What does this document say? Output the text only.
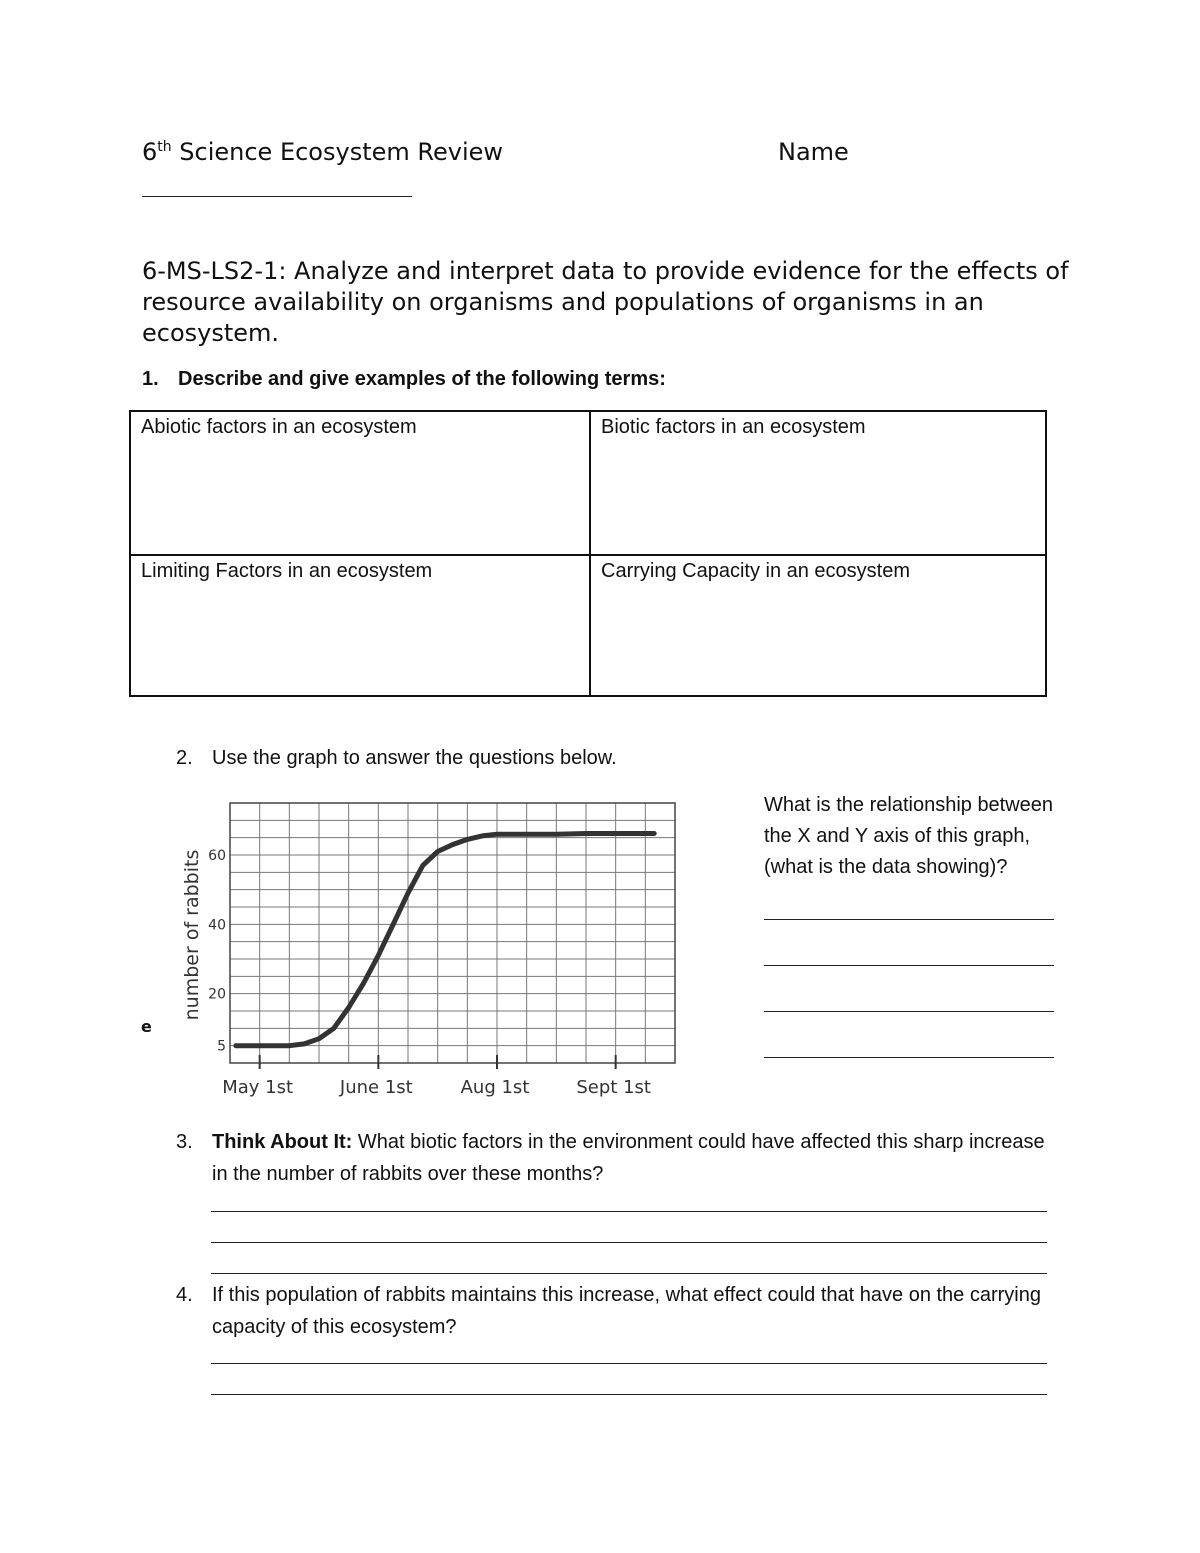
6th Science Ecosystem Review	Name
6-MS-LS2-1: Analyze and interpret data to provide evidence for the effects of resource availability on organisms and populations of organisms in an ecosystem.
1. Describe and give examples of the following terms:
Abiotic factors in an ecosystem	Biotic factors in an ecosystem
Limiting Factors in an ecosystem	Carrying Capacity in an ecosystem
2. Use the graph to answer the questions below.
5
20
40
60
May 1st	June 1st	Aug 1st	Sept 1st
number of rabbits
e
What is the relationship between the X and Y axis of this graph, (what is the data showing)?
3. Think About It: What biotic factors in the environment could have affected this sharp increase in the number of rabbits over these months?
4. If this population of rabbits maintains this increase, what effect could that have on the carrying capacity of this ecosystem?
